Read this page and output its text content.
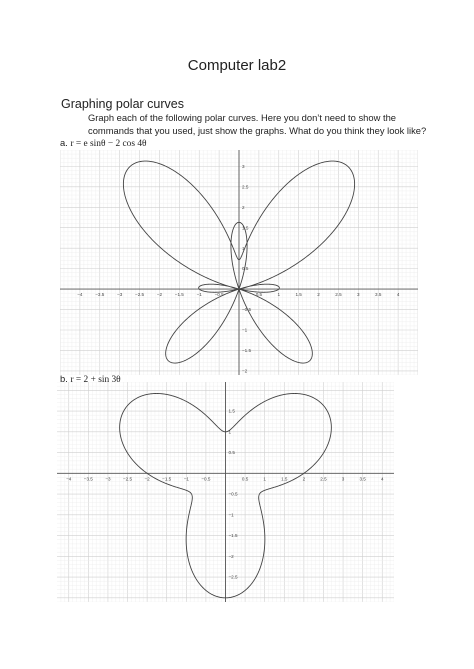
Computer lab2
Graphing polar curves
Graph each of the following polar curves. Here you don’t need to show the
commands that you used, just show the graphs. What do you think they look like?
a. r = e sinθ − 2 cos 4θ
−4	−3.5	−3	−2.5	−2	−1.5	−1	−0.5	0.5	1	1.5	2	2.5	3	3.5	4
−2
−1.5
−1
−0.5
0.5
1
1.5
2
2.5
3
b. r = 2 + sin 3θ
−4	−3.5	−3	−2.5	−2	−1.5	−1	−0.5	0.5	1	1.5	2	2.5	3	3.5	4
−2.5
−2
−1.5
−1
−0.5
0.5
1
1.5
